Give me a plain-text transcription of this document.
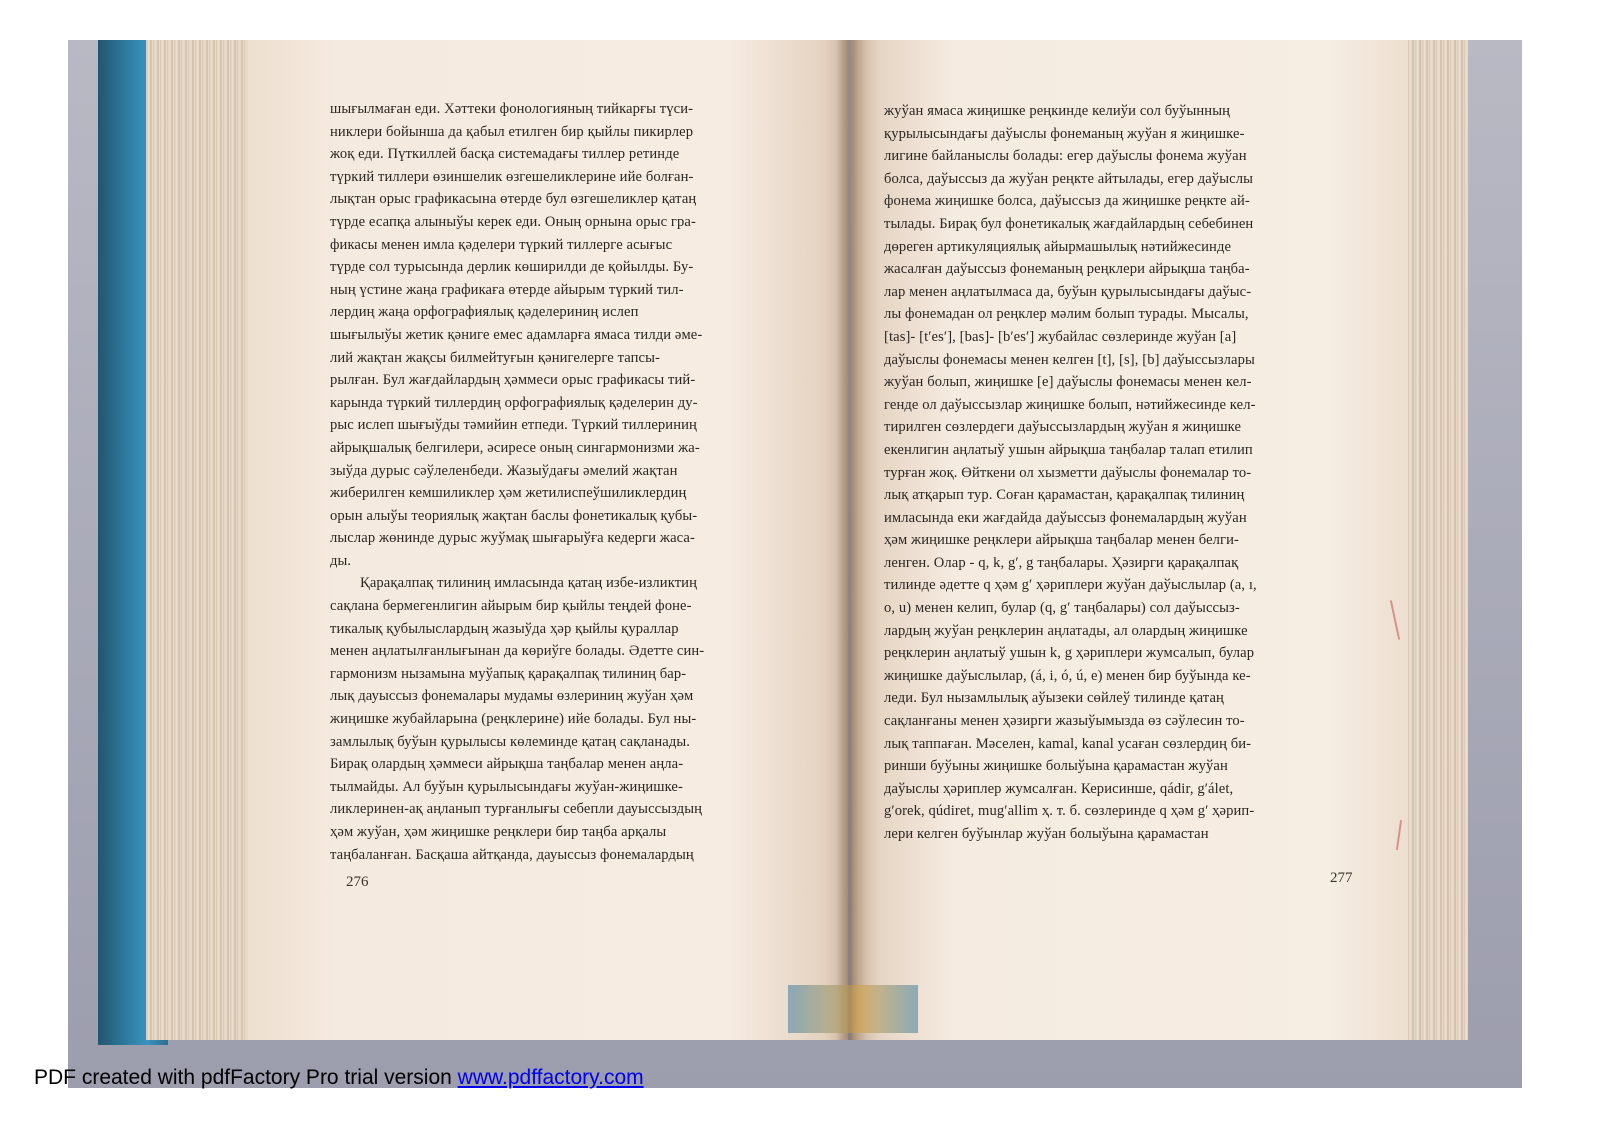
шығылмаған еди. Хәттеки фонологияның тийкарғы түси-
никлери бойынша да қабыл етилген бир қыйлы пикирлер
жоқ еди. Пүткиллей басқа системадағы тиллер ретинде
түркий тиллери өзиншелик өзгешеликлерине ийе болған-
лықтан орыс графикасына өтерде бул өзгешеликлер қатаң
түрде есапқа алыныўы керек еди. Оның орнына орыс гра-
фикасы менен имла қәделери түркий тиллерге асығыс
түрде сол турысында дерлик көширилди де қойылды. Бу-
ның үстине жаңа графикаға өтерде айырым түркий тил-
лердиң жаңа орфографиялық қәделериниң ислеп
шығылыўы жетик қәниге емес адамларға ямаса тилди әме-
лий жақтан жақсы билмейтуғын қәнигелерге тапсы-
рылған. Бул жағдайлардың ҳәммеси орыс графикасы тий-
карында түркий тиллердиң орфографиялық қәделерин ду-
рыс ислеп шығыўды тәмийин етпеди. Түркий тиллериниң
айрықшалық белгилери, әсиресе оның сингармонизми жа-
зыўда дурыс сәўлеленбеди. Жазыўдағы әмелий жақтан
жиберилген кемшиликлер ҳәм жетилиспеўшиликлердиң
орын алыўы теориялық жақтан баслы фонетикалық қубы-
лыслар жөнинде дурыс жуўмақ шығарыўға кедерги жаса-
ды.
Қарақалпақ тилиниң имласында қатаң избе-изликтиң
сақлана бермегенлигин айырым бир қыйлы теңдей фоне-
тикалық қубылыслардың жазыўда ҳәр қыйлы қураллар
менен аңлатылғанлығынан да көриўге болады. Әдетте син-
гармонизм нызамына муўапық қарақалпақ тилиниң бар-
лық дауыссыз фонемалары мудамы өзлериниң жуўан ҳәм
жиңишке жубайларына (реңклерине) ийе болады. Бул ны-
замлылық буўын қурылысы көлеминде қатаң сақланады.
Бирақ олардың ҳәммеси айрықша таңбалар менен аңла-
тылмайды. Ал буўын қурылысындағы жуўан-жиңишке-
ликлеринен-ақ аңланып турғанлығы себепли дауыссыздың
ҳәм жуўан, ҳәм жиңишке реңклери бир таңба арқалы
таңбаланған. Басқаша айтқанда, дауыссыз фонемалардың
жуўан ямаса жиңишке реңкинде келиўи сол буўынның
қурылысындағы даўыслы фонеманың жуўан я жиңишке-
лигине байланыслы болады: егер даўыслы фонема жуўан
болса, даўыссыз да жуўан реңкте айтылады, егер даўыслы
фонема жиңишке болса, даўыссыз да жиңишке реңкте ай-
тылады. Бирақ бул фонетикалық жағдайлардың себебинен
дөреген артикуляциялық айырмашылық нәтийжесинде
жасалған даўыссыз фонеманың реңклери айрықша таңба-
лар менен аңлатылмаса да, буўын қурылысындағы даўыс-
лы фонемадан ол реңклер мәлим болып турады. Мысалы,
[tas]- [tʹesʹ], [bas]- [bʹesʹ] жубайлас сөзлеринде жуўан [a]
даўыслы фонемасы менен келген [t], [s], [b] даўыссызлары
жуўан болып, жиңишке [e] даўыслы фонемасы менен кел-
генде ол даўыссызлар жиңишке болып, нәтийжесинде кел-
тирилген сөзлердеги даўыссызлардың жуўан я жиңишке
екенлигин аңлатыў ушын айрықша таңбалар талап етилип
турған жоқ. Өйткени ол хызметти даўыслы фонемалар то-
лық атқарып тур. Соған қарамастан, қарақалпақ тилиниң
имласында еки жағдайда даўыссыз фонемалардың жуўан
ҳәм жиңишке реңклери айрықша таңбалар менен белги-
ленген. Олар - q, k, gʹ, g таңбалары. Ҳәзирги қарақалпақ
тилинде әдетте q ҳәм gʹ ҳәриплери жуўан даўыслылар (a, ı,
o, u) менен келип, булар (q, gʹ таңбалары) сол даўыссыз-
лардың жуўан реңклерин аңлатады, ал олардың жиңишке
реңклерин аңлатыў ушын k, g ҳәриплери жумсалып, булар
жиңишке даўыслылар, (á, i, ó, ú, e) менен бир буўында ке-
леди. Бул нызамлылық аўызеки сөйлеў тилинде қатаң
сақланғаны менен ҳәзирги жазыўымызда өз сәўлесин то-
лық таппаған. Мәселен, kamal, kanal усаған сөзлердиң би-
ринши буўыны жиңишке болыўына қарамастан жуўан
даўыслы ҳәриплер жумсалған. Керисинше, qádir, gʹálet,
gʹorek, qúdiret, mugʹallim ҳ. т. б. сөзлеринде q ҳәм gʹ ҳәрип-
лери келген буўынлар жуўан болыўына қарамастан
276	277
PDF created with pdfFactory Pro trial version www.pdffactory.com
